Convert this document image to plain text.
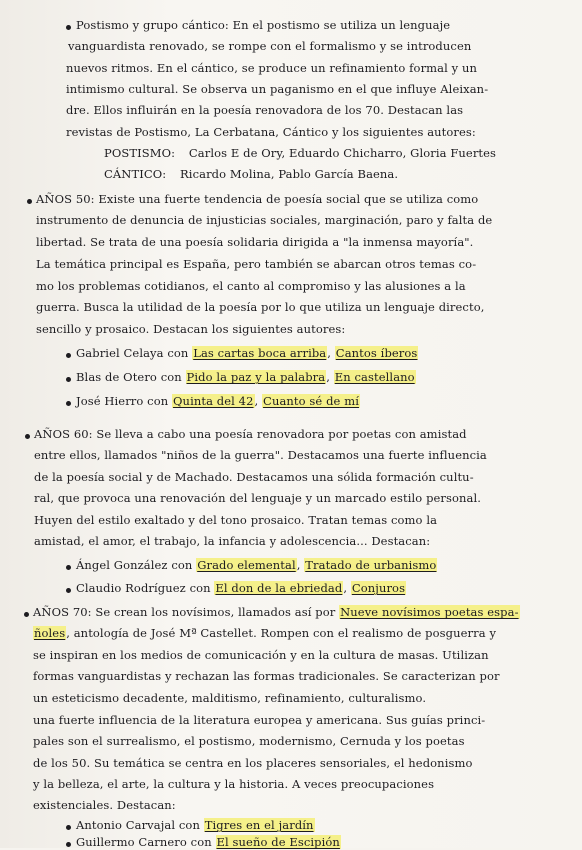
Postismo y grupo cántico: En el postismo se utiliza un lenguaje
vanguardista renovado, se rompe con el formalismo y se introducen
nuevos ritmos. En el cántico, se produce un refinamiento formal y un
intimismo cultural. Se observa un paganismo en el que influye Aleixan-
dre. Ellos influirán en la poesía renovadora de los 70. Destacan las
revistas de Postismo, La Cerbatana, Cántico y los siguientes autores:
POSTISMO: Carlos E de Ory, Eduardo Chicharro, Gloria Fuertes
CÁNTICO: Ricardo Molina, Pablo García Baena.
AÑOS 50: Existe una fuerte tendencia de poesía social que se utiliza como
instrumento de denuncia de injusticias sociales, marginación, paro y falta de
libertad. Se trata de una poesía solidaria dirigida a "la inmensa mayoría".
La temática principal es España, pero también se abarcan otros temas co-
mo los problemas cotidianos, el canto al compromiso y las alusiones a la
guerra. Busca la utilidad de la poesía por lo que utiliza un lenguaje directo,
sencillo y prosaico. Destacan los siguientes autores:
Gabriel Celaya con Las cartas boca arriba, Cantos íberos
Blas de Otero con Pido la paz y la palabra, En castellano
José Hierro con Quinta del 42, Cuanto sé de mí
AÑOS 60: Se lleva a cabo una poesía renovadora por poetas con amistad
entre ellos, llamados "niños de la guerra". Destacamos una fuerte influencia
de la poesía social y de Machado. Destacamos una sólida formación cultu-
ral, que provoca una renovación del lenguaje y un marcado estilo personal.
Huyen del estilo exaltado y del tono prosaico. Tratan temas como la
amistad, el amor, el trabajo, la infancia y adolescencia... Destacan:
Ángel González con Grado elemental, Tratado de urbanismo
Claudio Rodríguez con El don de la ebriedad, Conjuros
AÑOS 70: Se crean los novísimos, llamados así por Nueve novísimos poetas espa-
ñoles, antología de José Mª Castellet. Rompen con el realismo de posguerra y
se inspiran en los medios de comunicación y en la cultura de masas. Utilizan
formas vanguardistas y rechazan las formas tradicionales. Se caracterizan por
un esteticismo decadente, malditismo, refinamiento, culturalismo.
una fuerte influencia de la literatura europea y americana. Sus guías princi-
pales son el surrealismo, el postismo, modernismo, Cernuda y los poetas
de los 50. Su temática se centra en los placeres sensoriales, el hedonismo
y la belleza, el arte, la cultura y la historia. A veces preocupaciones
existenciales. Destacan:
Antonio Carvajal con Tigres en el jardín
Guillermo Carnero con El sueño de Escipión
